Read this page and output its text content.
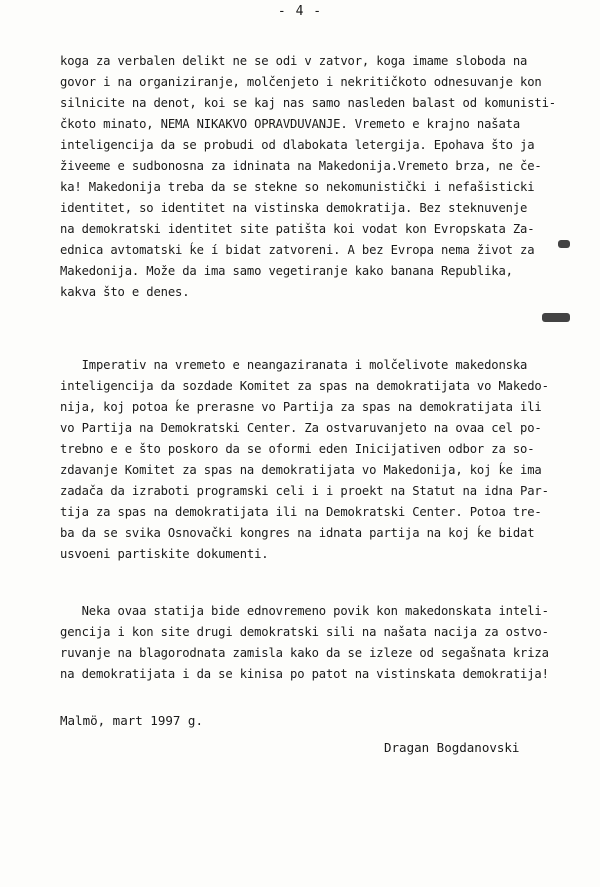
- 4 -
koga za verbalen delikt ne se odi v zatvor, koga imame sloboda na
govor i na organiziranje, molčenjeto i nekritičkoto odnesuvanje kon
silnicite na denot, koi se kaj nas samo nasleden balast od komunisti-
čkoto minato, NEMA NIKAKVO OPRAVDUVANJE. Vremeto e krajno našata
inteligencija da se probudi od dlabokata letergija. Epohava što ja
živeeme e sudbonosna za idninata na Makedonija.Vremeto brza, ne če-
ka! Makedonija treba da se stekne so nekomunistički i nefašisticki
identitet, so identitet na vistinska demokratija. Bez steknuvenje
na demokratski identitet site patišta koi vodat kon Evropskata Za-
ednica avtomatski ḱe í bidat zatvoreni. A bez Evropa nema život za
Makedonija. Može da ima samo vegetiranje kako banana Republika,
kakva što e denes.
Imperativ na vremeto e neangaziranata i molčelivote makedonska
inteligencija da sozdade Komitet za spas na demokratijata vo Makedo-
nija, koj potoa ḱe prerasne vo Partija za spas na demokratijata ili
vo Partija na Demokratski Center. Za ostvaruvanjeto na ovaa cel po-
trebno e e što poskoro da se oformi eden Inicijativen odbor za so-
zdavanje Komitet za spas na demokratijata vo Makedonija, koj ḱe ima
zadača da izraboti programski celi i i proekt na Statut na idna Par-
tija za spas na demokratijata ili na Demokratski Center. Potoa tre-
ba da se svika Osnovački kongres na idnata partija na koj ḱe bidat
usvoeni partiskite dokumenti.
Neka ovaa statija bide ednovremeno povik kon makedonskata inteli-
gencija i kon site drugi demokratski sili na našata nacija za ostvo-
ruvanje na blagorodnata zamisla kako da se izleze od segašnata kriza
na demokratijata i da se kinisa po patot na vistinskata demokratija!
Malmö, mart 1997 g.
Dragan Bogdanovski
